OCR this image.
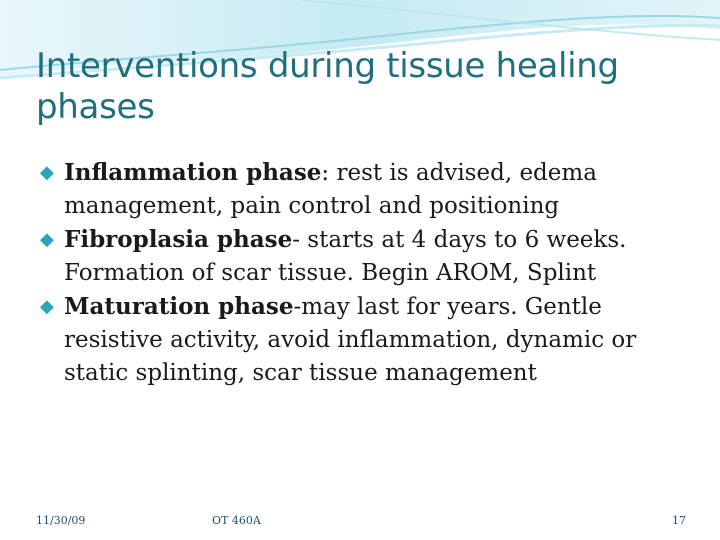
Interventions during tissue healing phases
◆ Inflammation phase: rest is advised, edema management, pain control and positioning
◆ Fibroplasia phase- starts at 4 days to 6 weeks. Formation of scar tissue. Begin AROM, Splint
◆ Maturation phase-may last for years. Gentle resistive activity, avoid inflammation, dynamic or static splinting, scar tissue management
11/30/09	OT 460A	17
